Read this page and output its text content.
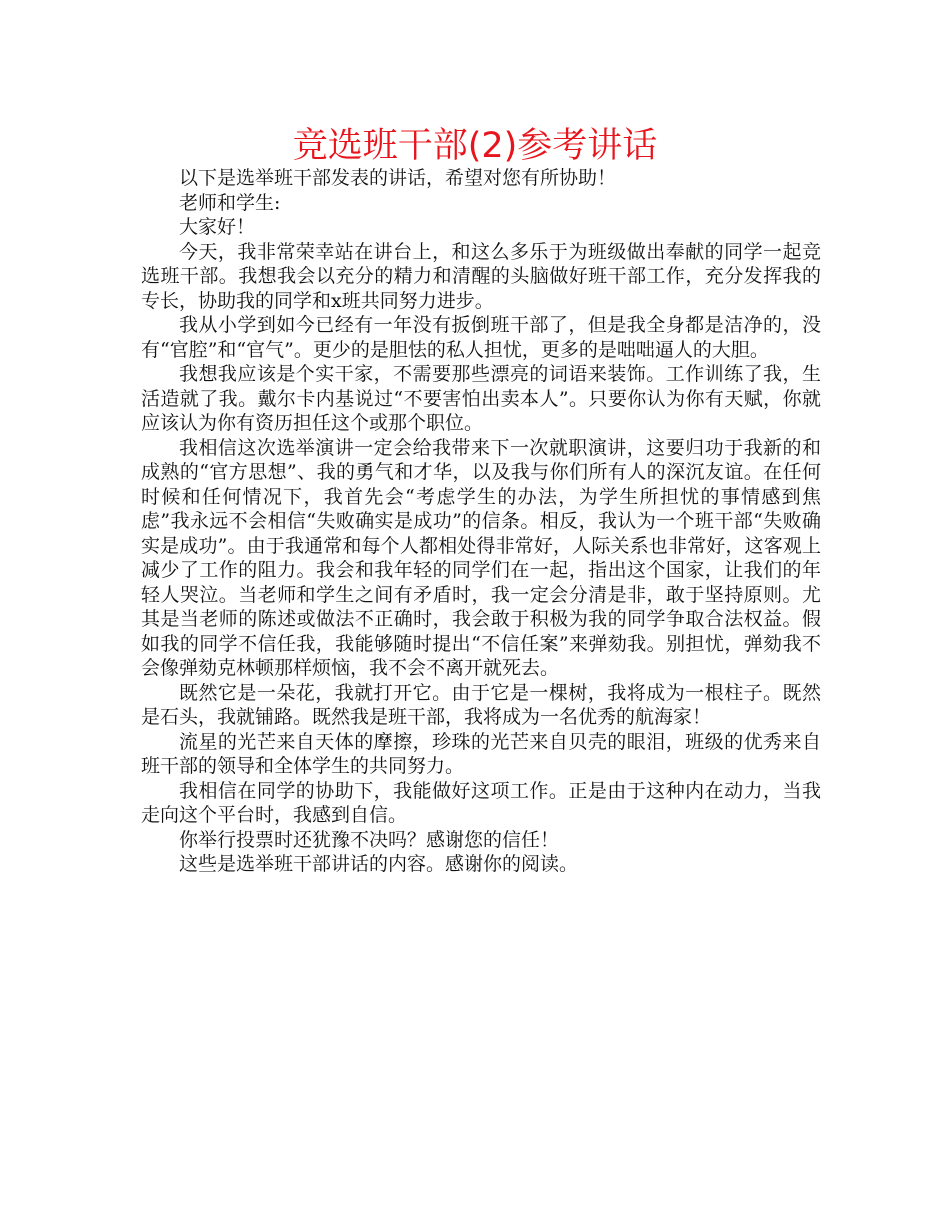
竞选班干部(2)参考讲话

以下是选举班干部发表的讲话，希望对您有所协助！

老师和学生:

大家好！

今天，我非常荣幸站在讲台上，和这么多乐于为班级做出奉献的同学一起竞选班干部。我想我会以充分的精力和清醒的头脑做好班干部工作，充分发挥我的专长，协助我的同学和x班共同努力进步。

我从小学到如今已经有一年没有扳倒班干部了，但是我全身都是洁净的，没有“官腔”和“官气”。更少的是胆怯的私人担忧，更多的是咄咄逼人的大胆。

我想我应该是个实干家，不需要那些漂亮的词语来装饰。工作训练了我，生活造就了我。戴尔卡内基说过“不要害怕出卖本人”。只要你认为你有天赋，你就应该认为你有资历担任这个或那个职位。

我相信这次选举演讲一定会给我带来下一次就职演讲，这要归功于我新的和成熟的“官方思想”、我的勇气和才华，以及我与你们所有人的深沉友谊。在任何时候和任何情况下，我首先会“考虑学生的办法，为学生所担忧的事情感到焦虑”我永远不会相信“失败确实是成功”的信条。相反，我认为一个班干部“失败确实是成功”。由于我通常和每个人都相处得非常好，人际关系也非常好，这客观上减少了工作的阻力。我会和我年轻的同学们在一起，指出这个国家，让我们的年轻人哭泣。当老师和学生之间有矛盾时，我一定会分清是非，敢于坚持原则。尤其是当老师的陈述或做法不正确时，我会敢于积极为我的同学争取合法权益。假如我的同学不信任我，我能够随时提出“不信任案”来弹劾我。别担忧，弹劾我不会像弹劾克林顿那样烦恼，我不会不离开就死去。

既然它是一朵花，我就打开它。由于它是一棵树，我将成为一根柱子。既然是石头，我就铺路。既然我是班干部，我将成为一名优秀的航海家！

流星的光芒来自天体的摩擦，珍珠的光芒来自贝壳的眼泪，班级的优秀来自班干部的领导和全体学生的共同努力。

我相信在同学的协助下，我能做好这项工作。正是由于这种内在动力，当我走向这个平台时，我感到自信。

你举行投票时还犹豫不决吗？感谢您的信任！

这些是选举班干部讲话的内容。感谢你的阅读。
